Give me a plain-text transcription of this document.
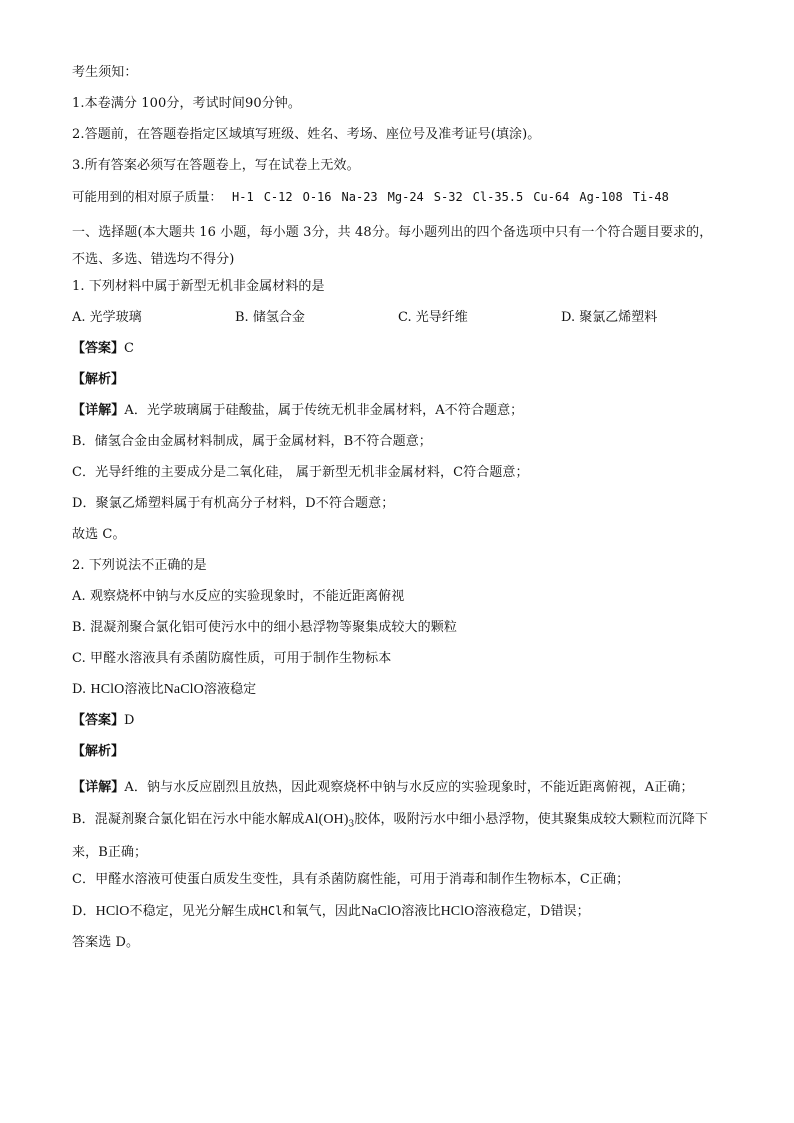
考生须知：
1.本卷满分 100分，考试时间90分钟。
2.答题前，在答题卷指定区域填写班级、姓名、考场、座位号及准考证号(填涂)。
3.所有答案必须写在答题卷上，写在试卷上无效。
可能用到的相对原子质量： H-1 C-12 O-16 Na-23 Mg-24 S-32 Cl-35.5 Cu-64 Ag-108 Ti-48
一、选择题(本大题共 16 小题，每小题 3分，共 48分。每小题列出的四个备选项中只有一个符合题目要求的，不选、多选、错选均不得分)
1. 下列材料中属于新型无机非金属材料的是
A. 光学玻璃	B. 储氢合金	C. 光导纤维	D. 聚氯乙烯塑料
【答案】C
【解析】
【详解】A．光学玻璃属于硅酸盐，属于传统无机非金属材料，A不符合题意；
B．储氢合金由金属材料制成，属于金属材料，B不符合题意；
C．光导纤维的主要成分是二氧化硅， 属于新型无机非金属材料，C符合题意；
D．聚氯乙烯塑料属于有机高分子材料，D不符合题意；
故选 C。
2. 下列说法不正确的是
A. 观察烧杯中钠与水反应的实验现象时，不能近距离俯视
B. 混凝剂聚合氯化铝可使污水中的细小悬浮物等聚集成较大的颗粒
C. 甲醛水溶液具有杀菌防腐性质，可用于制作生物标本
D. HClO溶液比NaClO溶液稳定
【答案】D
【解析】
【详解】A．钠与水反应剧烈且放热，因此观察烧杯中钠与水反应的实验现象时，不能近距离俯视，A正确；
B．混凝剂聚合氯化铝在污水中能水解成$Al(OH)_3$胶体，吸附污水中细小悬浮物，使其聚集成较大颗粒而沉降下来，B正确；
C．甲醛水溶液可使蛋白质发生变性，具有杀菌防腐性能，可用于消毒和制作生物标本，C正确；
D．HClO不稳定，见光分解生成HCl和氧气，因此NaClO溶液比HClO溶液稳定，D错误；
答案选 D。
